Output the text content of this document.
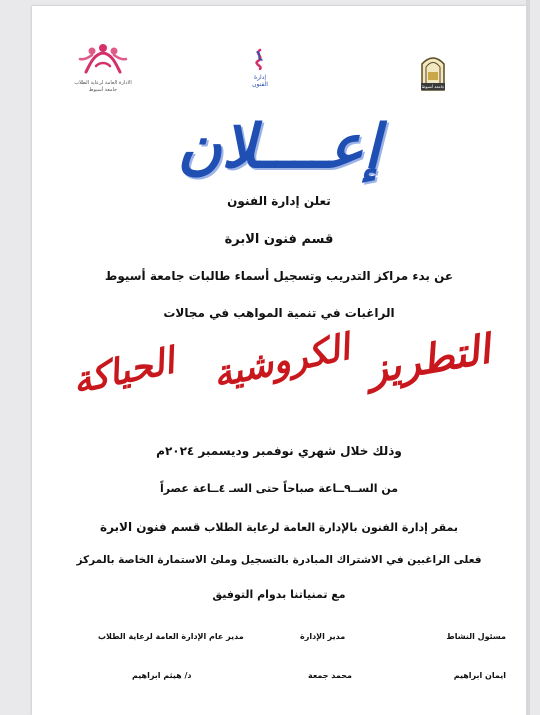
الادارة العامة لرعاية الطلاب
جامعة أسيوط
إدارة
الفنون	جامعة أسيوط
إعــــلان
تعلن إدارة الفنون
قسم فنون الابرة
عن بدء مراكز التدريب وتسجيل أسماء طالبات جامعة أسيوط
الراغبات في تنمية المواهب في مجالات
التطريز
الكروشية
الحياكة
وذلك خلال شهري نوفمبر وديسمبر ٢٠٢٤م
من الســ٩ــاعة صباحاً حتى السـ ٤ــاعة عصراً
بمقر إدارة الفنون بالإدارة العامة لرعاية الطلاب قسم فنون الابرة
فعلى الراغبين في الاشتراك المبادرة بالتسجيل وملئ الاستمارة الخاصة بالمركز
مع تمنياتنا بدوام التوفيق
مسئول النشاط
مدير الإدارة
مدير عام الإدارة العامة لرعاية الطلاب
ايمان ابراهيم
محمد جمعة
د/ هيثم ابراهيم
